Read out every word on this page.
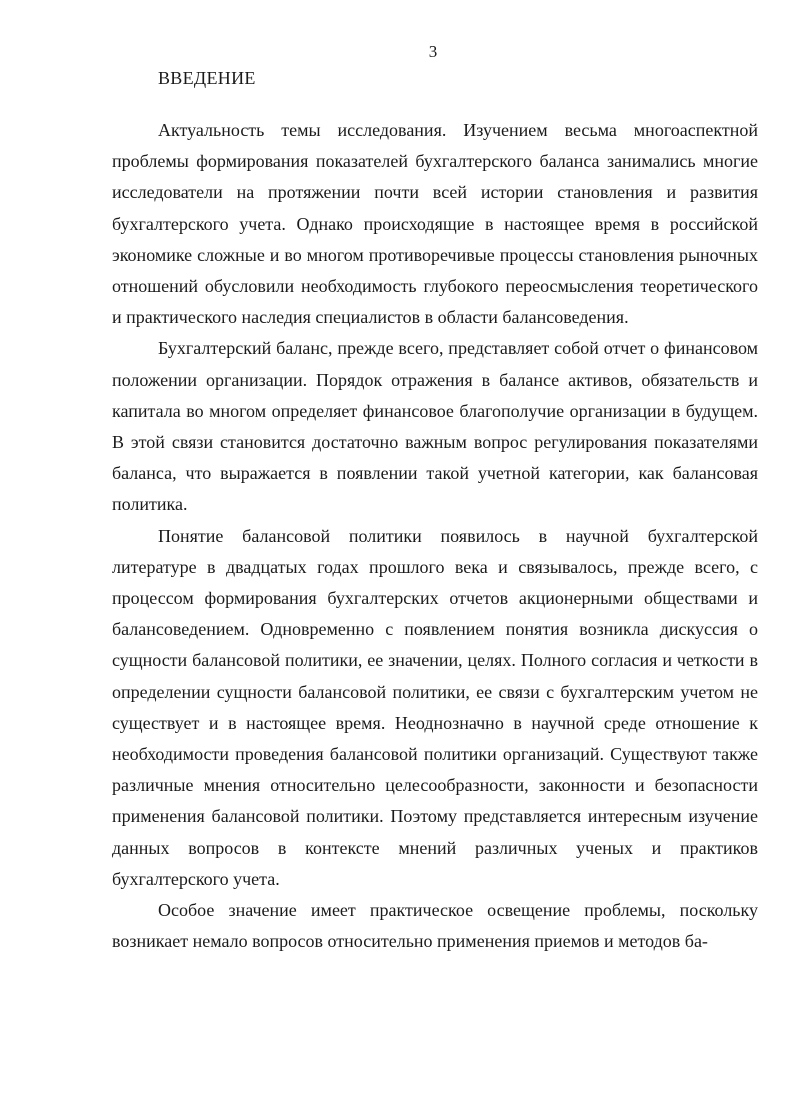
3
ВВЕДЕНИЕ

Актуальность темы исследования. Изучением весьма многоаспектной проблемы формирования показателей бухгалтерского баланса занимались многие исследователи на протяжении почти всей истории становления и развития бухгалтерского учета. Однако происходящие в настоящее время в российской экономике сложные и во многом противоречивые процессы становления рыночных отношений обусловили необходимость глубокого переосмысления теоретического и практического наследия специалистов в области балансоведения.

Бухгалтерский баланс, прежде всего, представляет собой отчет о финансовом положении организации. Порядок отражения в балансе активов, обязательств и капитала во многом определяет финансовое благополучие организации в будущем. В этой связи становится достаточно важным вопрос регулирования показателями баланса, что выражается в появлении такой учетной категории, как балансовая политика.

Понятие балансовой политики появилось в научной бухгалтерской литературе в двадцатых годах прошлого века и связывалось, прежде всего, с процессом формирования бухгалтерских отчетов акционерными обществами и балансоведением. Одновременно с появлением понятия возникла дискуссия о сущности балансовой политики, ее значении, целях. Полного согласия и четкости в определении сущности балансовой политики, ее связи с бухгалтерским учетом не существует и в настоящее время. Неоднозначно в научной среде отношение к необходимости проведения балансовой политики организаций. Существуют также различные мнения относительно целесообразности, законности и безопасности применения балансовой политики. Поэтому представляется интересным изучение данных вопросов в контексте мнений различных ученых и практиков бухгалтерского учета.

Особое значение имеет практическое освещение проблемы, поскольку возникает немало вопросов относительно применения приемов и методов ба-
